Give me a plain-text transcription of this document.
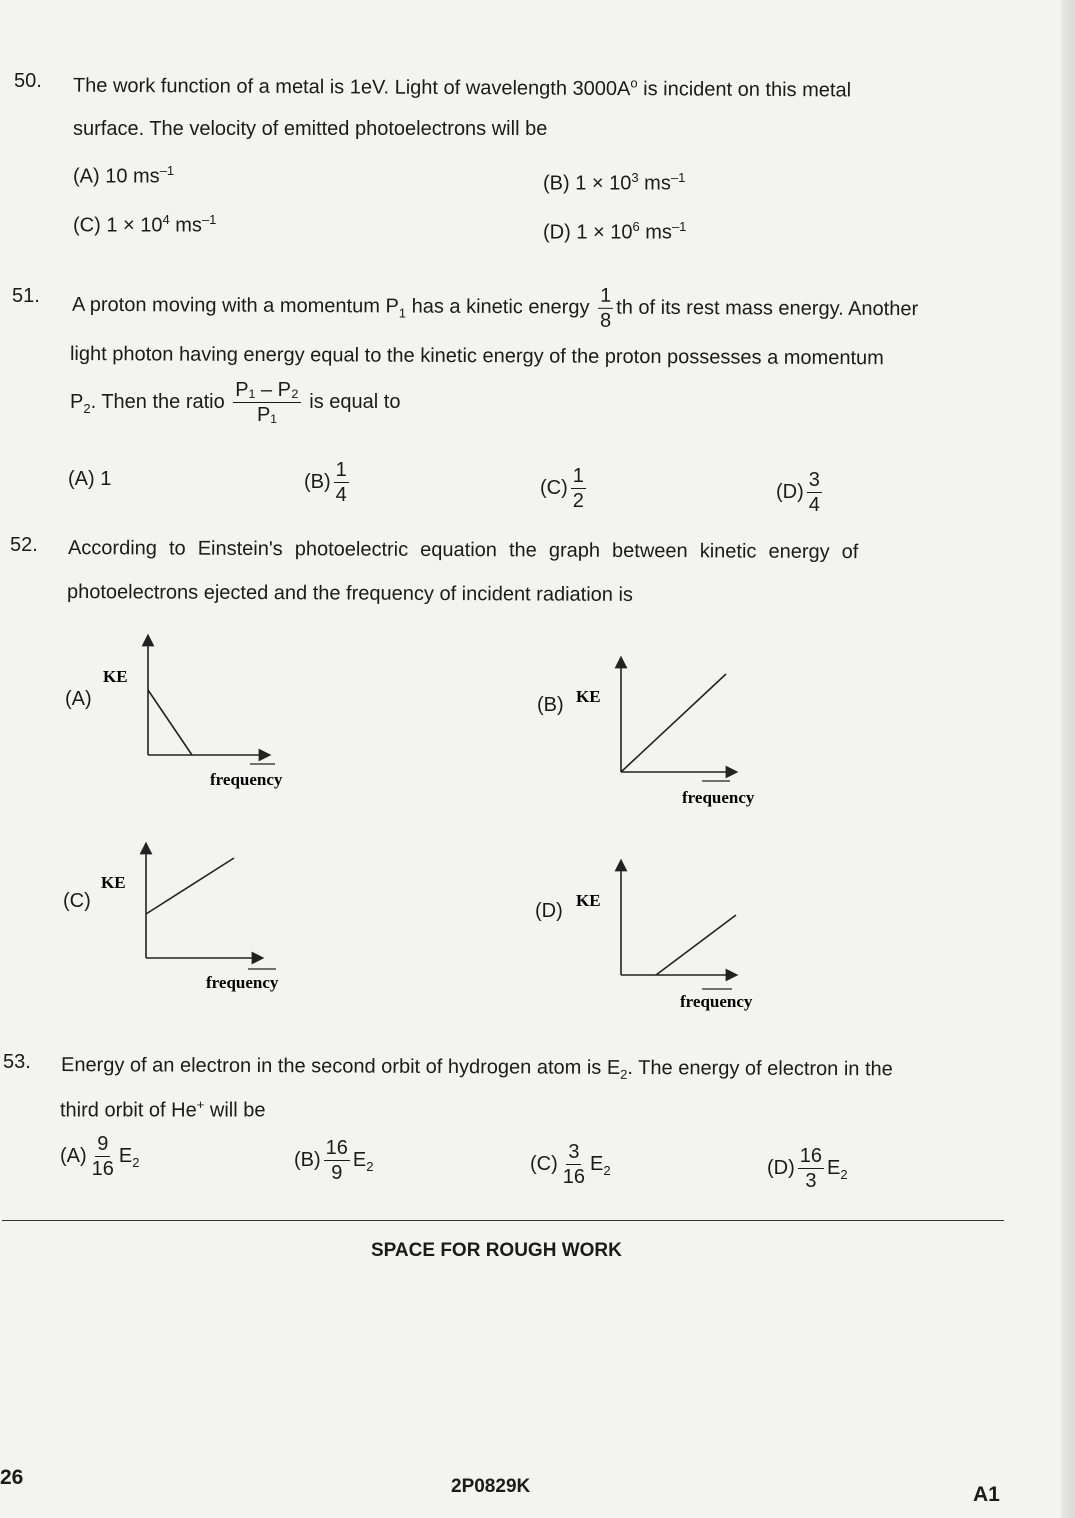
50. The work function of a metal is 1eV. Light of wavelength $3000A^o$ is incident on this metal
surface. The velocity of emitted photoelectrons will be
(A) 10 $ms^{-1}$
(B) $1 \times 10^3$ $ms^{-1}$
(C) $1 \times 10^4$ $ms^{-1}$
(D) $1 \times 10^6$ $ms^{-1}$
51. A proton moving with a momentum $P_1$ has a kinetic energy $\frac{1}{8}$ th of its rest mass energy. Another
light photon having energy equal to the kinetic energy of the proton possesses a momentum
$P_2$. Then the ratio $\frac{\text{P₁ – P₂}}{\text{P₁}}$ is equal to
(A) 1	$(B) \frac{1}{4}$	$(C) \frac{1}{2}$	$(D) \frac{3}{4}$
52. According to Einstein's photoelectric equation the graph between kinetic energy of
photoelectrons ejected and the frequency of incident radiation is
(A)	(B)
(C)	(D)
KE
frequency
KE
frequency
KE
frequency
KE
frequency
53. Energy of an electron in the second orbit of hydrogen atom is $E_2$. The energy of electron in the
third orbit of He+ will be
$(A) \frac{9}{16} E_2$	$(B) \frac{16}{9} E_2$	$(C) \frac{3}{16} E_2$	$(D) \frac{16}{3} E_2$
SPACE FOR ROUGH WORK
26	2P0829K	A1
